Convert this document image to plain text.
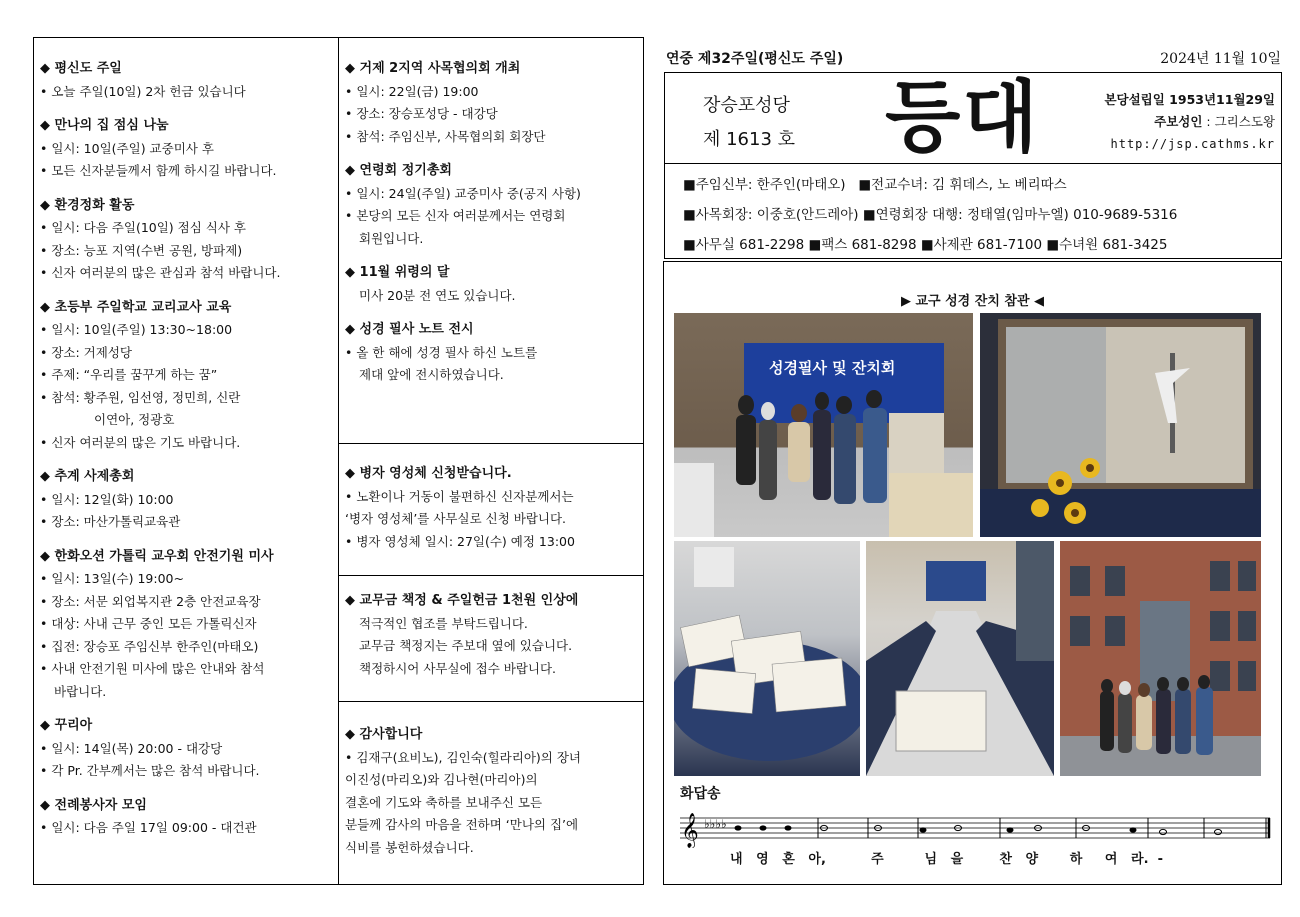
◆ 평신도 주일
• 오늘 주일(10일) 2차 헌금 있습니다
◆ 만나의 집 점심 나눔
• 일시: 10일(주일) 교중미사 후
• 모든 신자분들께서 함께 하시길 바랍니다.
◆ 환경정화 활동
• 일시: 다음 주일(10일) 점심 식사 후
• 장소: 능포 지역(수변 공원, 방파제)
• 신자 여러분의 많은 관심과 참석 바랍니다.
◆ 초등부 주일학교 교리교사 교육
• 일시: 10일(주일) 13:30~18:00
• 장소: 거제성당
• 주제: “우리를 꿈꾸게 하는 꿈”
• 참석: 황주원, 임선영, 정민희, 신란
이연아, 정광호
• 신자 여러분의 많은 기도 바랍니다.
◆ 추계 사제총회
• 일시: 12일(화) 10:00
• 장소: 마산가톨릭교육관
◆ 한화오션 가톨릭 교우회 안전기원 미사
• 일시: 13일(수) 19:00~
• 장소: 서문 외업복지관 2층 안전교육장
• 대상: 사내 근무 중인 모든 가톨릭신자
• 집전: 장승포 주임신부 한주인(마태오)
• 사내 안전기원 미사에 많은 안내와 참석
바랍니다.
◆ 꾸리아
• 일시: 14일(목) 20:00 - 대강당
• 각 Pr. 간부께서는 많은 참석 바랍니다.
◆ 전례봉사자 모임
• 일시: 다음 주일 17일 09:00 - 대건관
◆ 거제 2지역 사목협의회 개최
• 일시: 22일(금) 19:00
• 장소: 장승포성당 - 대강당
• 참석: 주임신부, 사목협의회 회장단
◆ 연령회 정기총회
• 일시: 24일(주일) 교중미사 중(공지 사항)
• 본당의 모든 신자 여러분께서는 연령회
회원입니다.
◆ 11월 위령의 달
미사 20분 전 연도 있습니다.
◆ 성경 필사 노트 전시
• 올 한 해에 성경 필사 하신 노트를
제대 앞에 전시하였습니다.
◆ 병자 영성체 신청받습니다.
• 노환이나 거동이 불편하신 신자분께서는
‘병자 영성체’를 사무실로 신청 바랍니다.
• 병자 영성체 일시: 27일(수) 예정 13:00
◆ 교무금 책정 & 주일헌금 1천원 인상에
적극적인 협조를 부탁드립니다.
교무금 책정지는 주보대 옆에 있습니다.
책정하시어 사무실에 접수 바랍니다.
◆ 감사합니다
• 김재구(요비노), 김인숙(힐라리아)의 장녀
이진성(마리오)와 김나현(마리아)의
결혼에 기도와 축하를 보내주신 모든
분들께 감사의 마음을 전하며 ‘만나의 집’에
식비를 봉헌하셨습니다.
연중 제32주일(평신도 주일)	2024년 11월 10일
장승포성당
제 1613 호 등대	본당설립일 1953년11월29일
주보성인 : 그리스도왕
http://jsp.cathms.kr
■주임신부: 한주인(마태오)   ■전교수녀: 김 휘데스, 노 베리따스
■사목회장: 이중호(안드레아) ■연령회장 대행: 정태열(임마누엘) 010-9689-5316
■사무실 681-2298 ■팩스 681-8298 ■사제관 681-7100 ■수녀원 681-3425
▶ 교구 성경 잔치 참관 ◀
성경필사 및 잔치회
화답송
𝄞 ♭♭♭♭
내   영   혼   아,          주         님   을        찬   양       하     여   라.  -
